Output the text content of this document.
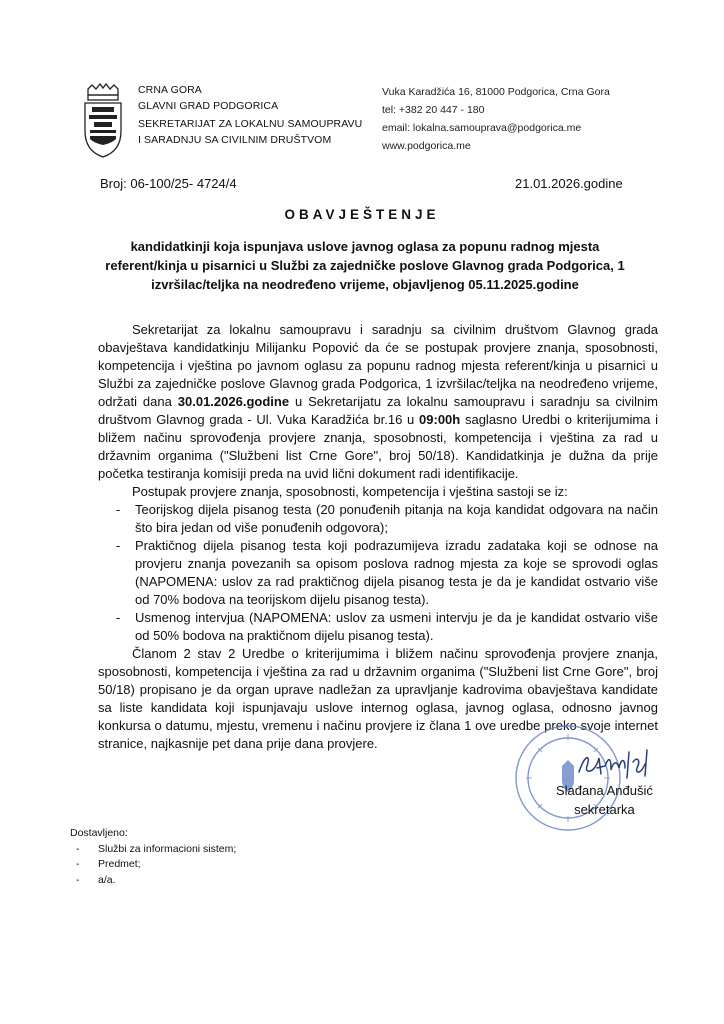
CRNA GORA
GLAVNI GRAD PODGORICA
SEKRETARIJAT ZA LOKALNU SAMOUPRAVU
I SARADNJU SA CIVILNIM DRUŠTVOM
Vuka Karadžića 16, 81000 Podgorica, Crna Gora
tel: +382 20 447 - 180
email: lokalna.samouprava@podgorica.me
www.podgorica.me
Broj: 06-100/25- 4724/4	21.01.2026.godine
OBAVJEŠTENJE
kandidatkinji koja ispunjava uslove javnog oglasa za popunu radnog mjesta referent/kinja u pisarnici u Službi za zajedničke poslove Glavnog grada Podgorica, 1 izvršilac/teljka na neodređeno vrijeme, objavljenog 05.11.2025.godine

Sekretarijat za lokalnu samoupravu i saradnju sa civilnim društvom Glavnog grada obavještava kandidatkinju Milijanku Popović da će se postupak provjere znanja, sposobnosti, kompetencija i vještina po javnom oglasu za popunu radnog mjesta referent/kinja u pisarnici u Službi za zajedničke poslove Glavnog grada Podgorica, 1 izvršilac/teljka na neodređeno vrijeme, održati dana 30.01.2026.godine u Sekretarijatu za lokalnu samoupravu i saradnju sa civilnim društvom Glavnog grada - Ul. Vuka Karadžića br.16 u 09:00h saglasno Uredbi o kriterijumima i bližem načinu sprovođenja provjere znanja, sposobnosti, kompetencija i vještina za rad u državnim organima ("Službeni list Crne Gore", broj 50/18). Kandidatkinja je dužna da prije početka testiranja komisiji preda na uvid lični dokument radi identifikacije.

Postupak provjere znanja, sposobnosti, kompetencija i vještina sastoji se iz:

- Teorijskog dijela pisanog testa (20 ponuđenih pitanja na koja kandidat odgovara na način što bira jedan od više ponuđenih odgovora);
- Praktičnog dijela pisanog testa koji podrazumijeva izradu zadataka koji se odnose na provjeru znanja povezanih sa opisom poslova radnog mjesta za koje se sprovodi oglas (NAPOMENA: uslov za rad praktičnog dijela pisanog testa je da je kandidat ostvario više od 70% bodova na teorijskom dijelu pisanog testa).
- Usmenog intervjua (NAPOMENA: uslov za usmeni intervju je da je kandidat ostvario više od 50% bodova na praktičnom dijelu pisanog testa).

Članom 2 stav 2 Uredbe o kriterijumima i bližem načinu sprovođenja provjere znanja, sposobnosti, kompetencija i vještina za rad u državnim organima ("Službeni list Crne Gore", broj 50/18) propisano je da organ uprave nadležan za upravljanje kadrovima obavještava kandidate sa liste kandidata koji ispunjavaju uslove internog oglasa, javnog oglasa, odnosno javnog konkursa o datumu, mjestu, vremenu i načinu provjere iz člana 1 ove uredbe preko svoje internet stranice, najkasnije pet dana prije dana provjere.

Slađana Anđušić
sekretarka
Dostavljeno:
- Službi za informacioni sistem;
- Predmet;
- a/a.
